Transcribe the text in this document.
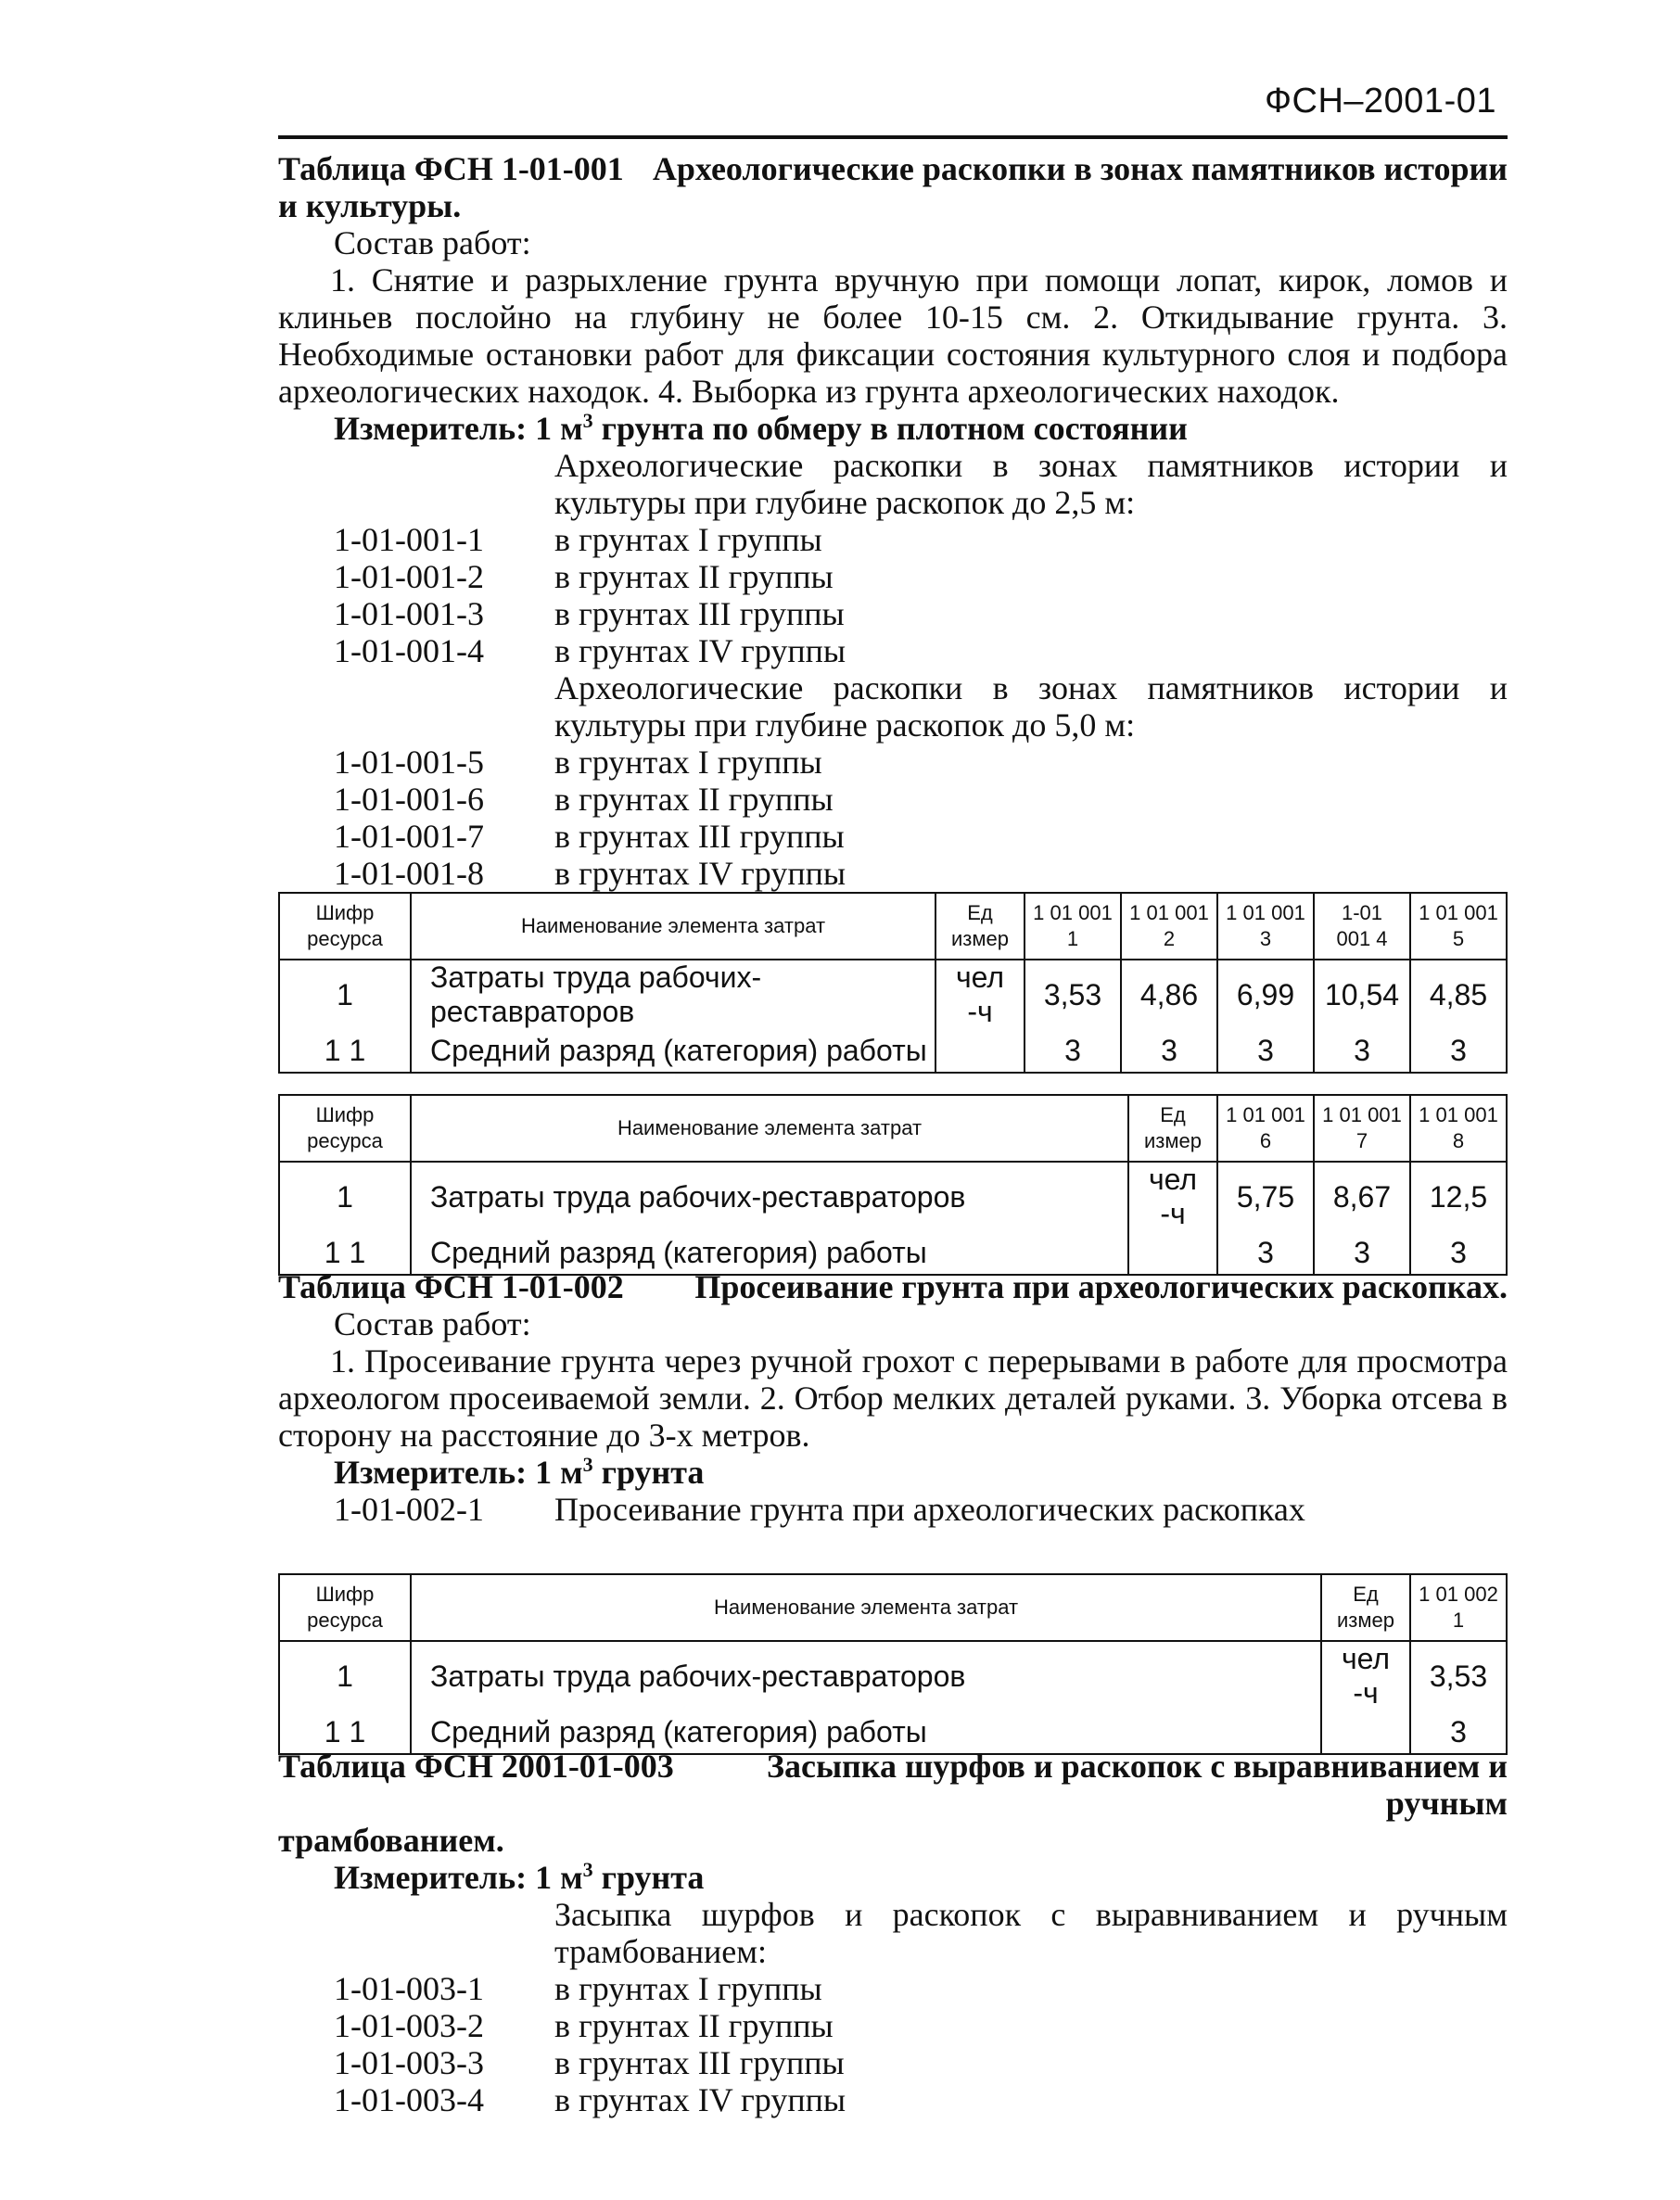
ФСН–2001-01
Таблица ФСН 1-01-001 Археологические раскопки в зонах памятников истории
и культуры.
Состав работ:
1. Снятие и разрыхление грунта вручную при помощи лопат, кирок, ломов и клиньев послойно на глубину не более 10-15 см. 2. Откидывание грунта. 3. Необходимые остановки работ для фиксации состояния культурного слоя и подбора археологических находок. 4. Выборка из грунта археологических находок.
Измеритель: 1 $м^3$ грунта по обмеру в плотном состоянии
Археологические раскопки в зонах памятников истории и культуры при глубине раскопок до 2,5 м:
1-01-001-1	в грунтах I группы
1-01-001-2	в грунтах II группы
1-01-001-3	в грунтах III группы
1-01-001-4	в грунтах IV группы
Археологические раскопки в зонах памятников истории и культуры при глубине раскопок до 5,0 м:
1-01-001-5	в грунтах I группы
1-01-001-6	в грунтах II группы
1-01-001-7	в грунтах III группы
1-01-001-8	в грунтах IV группы
Шифр ресурса	Наименование элемента затрат	Ед измер	1 01 001 1	1 01 001 2	1 01 001 3	1-01 001 4	1 01 001 5
1	Затраты труда рабочих-реставраторов	чел -ч	3,53	4,86	6,99	10,54	4,85
1 1	Средний разряд (категория) работы		3	3	3	3	3
Шифр ресурса	Наименование элемента затрат	Ед измер	1 01 001 6	1 01 001 7	1 01 001 8
1	Затраты труда рабочих-реставраторов	чел -ч	5,75	8,67	12,5
1 1	Средний разряд (категория) работы		3	3	3
Таблица ФСН 1-01-002 Просеивание грунта при археологических раскопках.
Состав работ:
1. Просеивание грунта через ручной грохот с перерывами в работе для просмотра археологом просеиваемой земли. 2. Отбор мелких деталей руками. 3. Уборка отсева в сторону на расстояние до 3-х метров.
Измеритель: 1 $м^3$ грунта
1-01-002-1	Просеивание грунта при археологических раскопках
Шифр ресурса	Наименование элемента затрат	Ед измер	1 01 002 1
1	Затраты труда рабочих-реставраторов	чел -ч	3,53
1 1	Средний разряд (категория) работы		3
Таблица ФСН 2001-01-003	Засыпка шурфов и раскопок с выравниванием и ручным
трамбованием.
Измеритель: 1 $м^3$ грунта
Засыпка шурфов и раскопок с выравниванием и ручным трамбованием:
1-01-003-1	в грунтах I группы
1-01-003-2	в грунтах II группы
1-01-003-3	в грунтах III группы
1-01-003-4	в грунтах IV группы
